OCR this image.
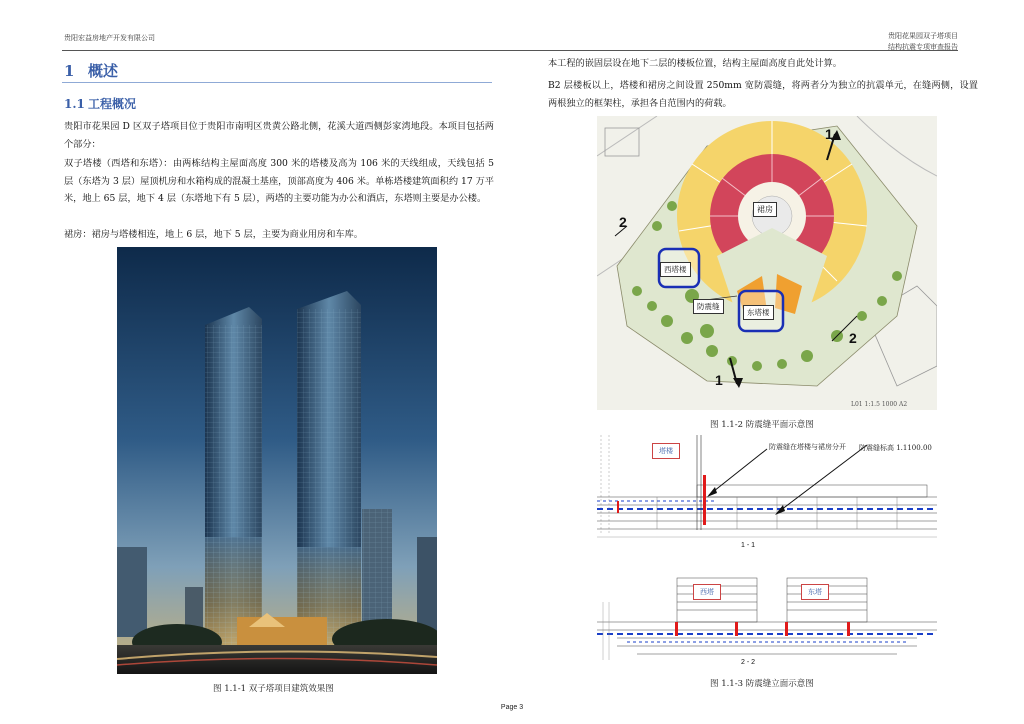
贵阳宏益房地产开发有限公司	贵阳花果园双子塔项目
结构抗震专项审查报告
1 概述
1.1 工程概况
贵阳市花果园 D 区双子塔项目位于贵阳市南明区贵黄公路北侧，花溪大道西侧彭家湾地段。本项目包括两个部分：
双子塔楼（西塔和东塔）：由两栋结构主屋面高度 300 米的塔楼及高为 106 米的天线组成，天线包括 5 层（东塔为 3 层）屋顶机房和水箱构成的混凝土基座，顶部高度为 406 米。单栋塔楼建筑面积约 17 万平米，地上 65 层，地下 4 层（东塔地下有 5 层），两塔的主要功能为办公和酒店，东塔则主要是办公楼。
裙房：裙房与塔楼相连，地上 6 层，地下 5 层，主要为商业用房和车库。
图 1.1-1 双子塔项目建筑效果图
本工程的嵌固层设在地下二层的楼板位置，结构主屋面高度自此处计算。
B2 层楼板以上，塔楼和裙房之间设置 250mm 宽防震缝，将两者分为独立的抗震单元，在缝两侧，设置两根独立的框架柱，承担各自范围内的荷载。
裙房
西塔楼
东塔楼
防震缝
1
2
2
1
L01 1:1.5 1000 A2
图 1.1-2 防震缝平面示意图
塔楼	防震缝在塔楼与裙房分开	防震缝标高 1.1100.00
1 - 1
西塔	东塔
2 - 2
图 1.1-3 防震缝立面示意图
Page 3
